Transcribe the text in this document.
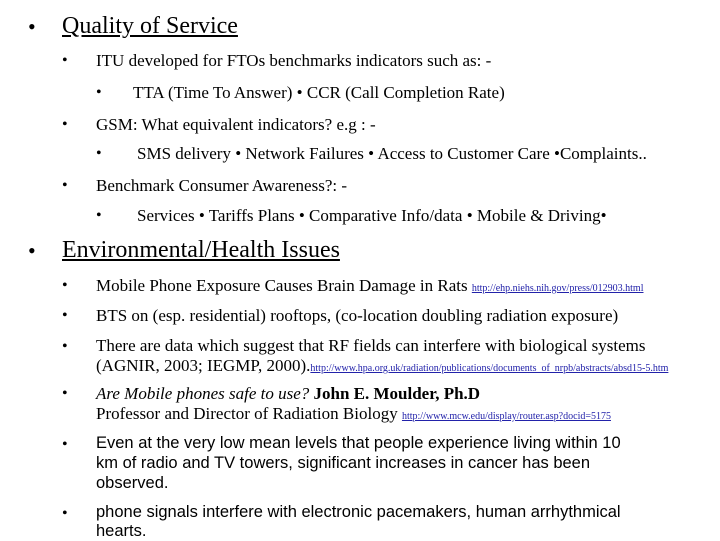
• Quality of Service
• ITU developed for FTOs benchmarks indicators such as: -
• TTA (Time To Answer) • CCR (Call Completion Rate)
• GSM: What equivalent indicators? e.g : -
• SMS delivery • Network Failures • Access to Customer Care •Complaints..
• Benchmark Consumer Awareness?: -
• Services • Tariffs Plans • Comparative Info/data • Mobile & Driving•
• Environmental/Health Issues
• Mobile Phone Exposure Causes Brain Damage in Rats http://ehp.niehs.nih.gov/press/012903.html
• BTS on (esp. residential) rooftops, (co-location doubling radiation exposure)
• There are data which suggest that RF fields can interfere with biological systems
(AGNIR, 2003; IEGMP, 2000).http://www.hpa.org.uk/radiation/publications/documents_of_nrpb/abstracts/absd15-5.htm
• Are Mobile phones safe to use? John E. Moulder, Ph.D
Professor and Director of Radiation Biology http://www.mcw.edu/display/router.asp?docid=5175
• Even at the very low mean levels that people experience living within 10
km of radio and TV towers, significant increases in cancer has been
observed.
• phone signals interfere with electronic pacemakers, human arrhythmical
hearts.
